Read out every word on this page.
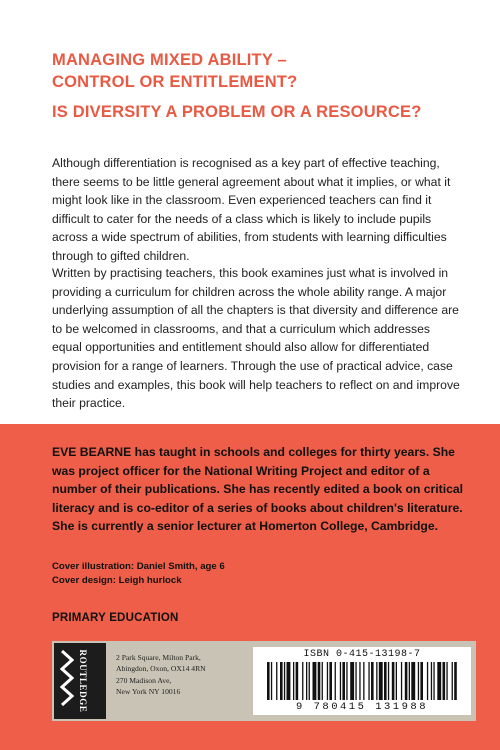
MANAGING MIXED ABILITY –
CONTROL OR ENTITLEMENT?
IS DIVERSITY A PROBLEM OR A RESOURCE?

Although differentiation is recognised as a key part of effective teaching, there seems to be little general agreement about what it implies, or what it might look like in the classroom. Even experienced teachers can find it difficult to cater for the needs of a class which is likely to include pupils across a wide spectrum of abilities, from students with learning difficulties through to gifted children.

Written by practising teachers, this book examines just what is involved in providing a curriculum for children across the whole ability range. A major underlying assumption of all the chapters is that diversity and difference are to be welcomed in classrooms, and that a curriculum which addresses equal opportunities and entitlement should also allow for differentiated provision for a range of learners. Through the use of practical advice, case studies and examples, this book will help teachers to reflect on and improve their practice.

EVE BEARNE has taught in schools and colleges for thirty years. She was project officer for the National Writing Project and editor of a number of their publications. She has recently edited a book on critical literacy and is co-editor of a series of books about children's literature. She is currently a senior lecturer at Homerton College, Cambridge.

Cover illustration: Daniel Smith, age 6
Cover design: Leigh hurlock
PRIMARY EDUCATION
ROUTLEDGE	2 Park Square, Milton Park,
Abingdon, Oxon, OX14 4RN
270 Madison Ave,
New York NY 10016
ISBN 0-415-13198-7
9 780415 131988
